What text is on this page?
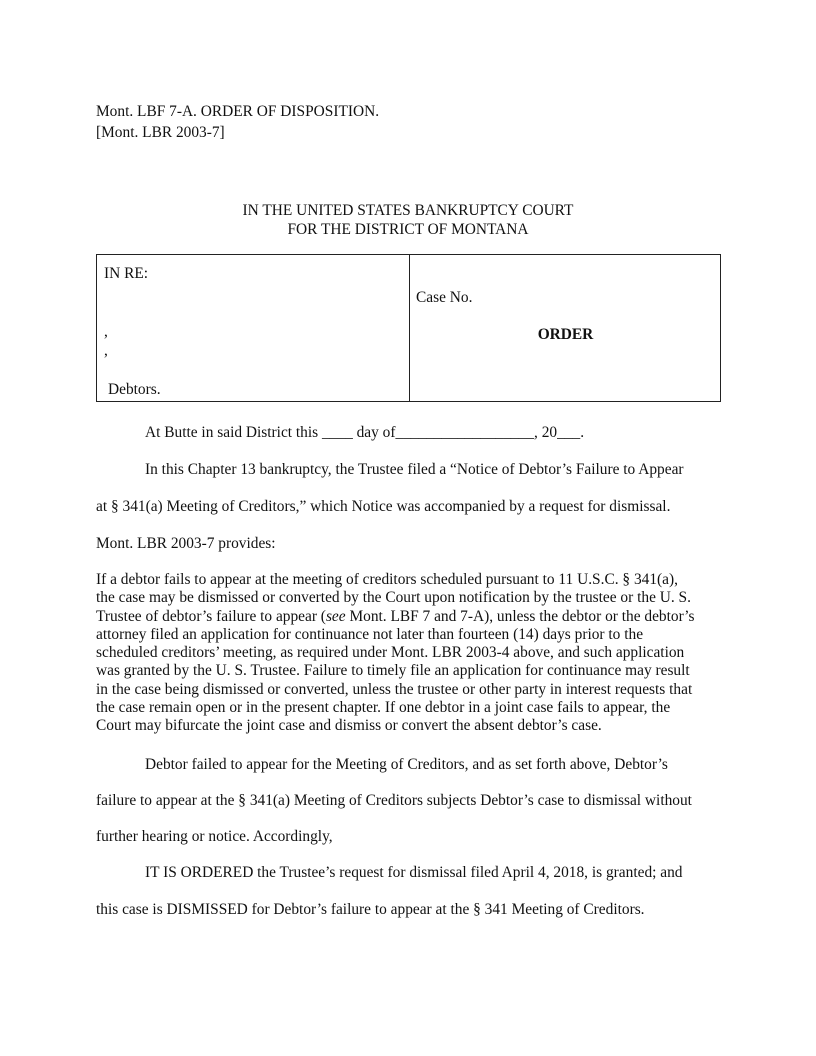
Mont. LBF 7-A. ORDER OF DISPOSITION.
[Mont. LBR 2003-7]
IN THE UNITED STATES BANKRUPTCY COURT
FOR THE DISTRICT OF MONTANA
IN RE:
,
,
Debtors.
Case No.
ORDER
At Butte in said District this ____ day of__________________, 20___.
In this Chapter 13 bankruptcy, the Trustee filed a “Notice of Debtor’s Failure to Appear
at § 341(a) Meeting of Creditors,” which Notice was accompanied by a request for dismissal.
Mont. LBR 2003-7 provides:
If a debtor fails to appear at the meeting of creditors scheduled pursuant to 11 U.S.C. § 341(a),
the case may be dismissed or converted by the Court upon notification by the trustee or the U. S.
Trustee of debtor’s failure to appear (see Mont. LBF 7 and 7-A), unless the debtor or the debtor’s
attorney filed an application for continuance not later than fourteen (14) days prior to the
scheduled creditors’ meeting, as required under Mont. LBR 2003-4 above, and such application
was granted by the U. S. Trustee. Failure to timely file an application for continuance may result
in the case being dismissed or converted, unless the trustee or other party in interest requests that
the case remain open or in the present chapter. If one debtor in a joint case fails to appear, the
Court may bifurcate the joint case and dismiss or convert the absent debtor’s case.
Debtor failed to appear for the Meeting of Creditors, and as set forth above, Debtor’s
failure to appear at the § 341(a) Meeting of Creditors subjects Debtor’s case to dismissal without
further hearing or notice. Accordingly,
IT IS ORDERED the Trustee’s request for dismissal filed April 4, 2018, is granted; and
this case is DISMISSED for Debtor’s failure to appear at the § 341 Meeting of Creditors.
